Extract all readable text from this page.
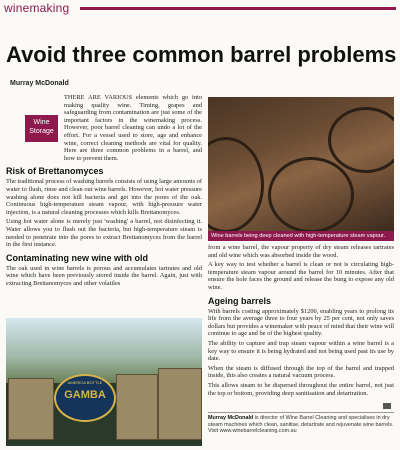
winemaking
Avoid three common barrel problems
Murray McDonald
Wine Storage

THERE ARE VARIOUS elements which go into making quality wine. Timing, grapes and safeguarding from contamination are just some of the important factors in the winemaking process. However, poor barrel cleaning can undo a lot of the effort. For a vessel used to store, age and enhance wine, correct cleaning methods are vital for quality. Here are three common problems in a barrel, and how to prevent them.

Risk of Brettanomyces

The traditional process of washing barrels consists of using large amounts of water to flush, rinse and clean out wine barrels. However, hot water pressure washing alone does not kill bacteria and get into the pores of the oak. Continuous high-temperature steam vapour, with high-pressure water injection, is a natural cleaning processes which kills Brettanomyces.

Using hot water alone is merely just 'washing' a barrel, not disinfecting it. Water allows you to flush out the bacteria, but high-temperature steam is needed to penetrate into the pores to extract Brettanomyces from the barrel in the first instance.

Contaminating new wine with old

The oak used in wine barrels is porous and accumulates tartrates and old wine which have been previously stored inside the barrel. Again, just with extracting Brettanomyces and other volatiles

Wine barrels being deep cleaned with high-temperature steam vapour.

from a wine barrel, the vapour property of dry steam releases tartrates and old wine which was absorbed inside the wood.

A key way to test whether a barrel is clean or not is circulating high-temperature steam vapour around the barrel for 10 minutes. After that ensure the hole faces the ground and release the bung to expose any old wine.

Ageing barrels

With barrels costing approximately $1200, enabling years to prolong its life from the average three to four years by 25 per cent, not only saves dollars but provides a winemaker with peace of mind that their wine will continue to age and be of the highest quality.

The ability to capture and trap steam vapour within a wine barrel is a key way to ensure it is being hydrated and not being used past its use by date.

When the steam is diffused through the top of the barrel and trapped inside, this also creates a natural vacuum process.

This allows steam to be dispersed throughout the entire barrel, not just the top or bottom, providing deep sanitisation and detartration.

AMERICA BOTTLE
GAMBA
Murray McDonald is director of Wine Barrel Cleaning and specialises in dry steam machines which clean, sanitise, detartrate and rejuvenate wine barrels. Visit www.winebarrelcleaning.com.au
